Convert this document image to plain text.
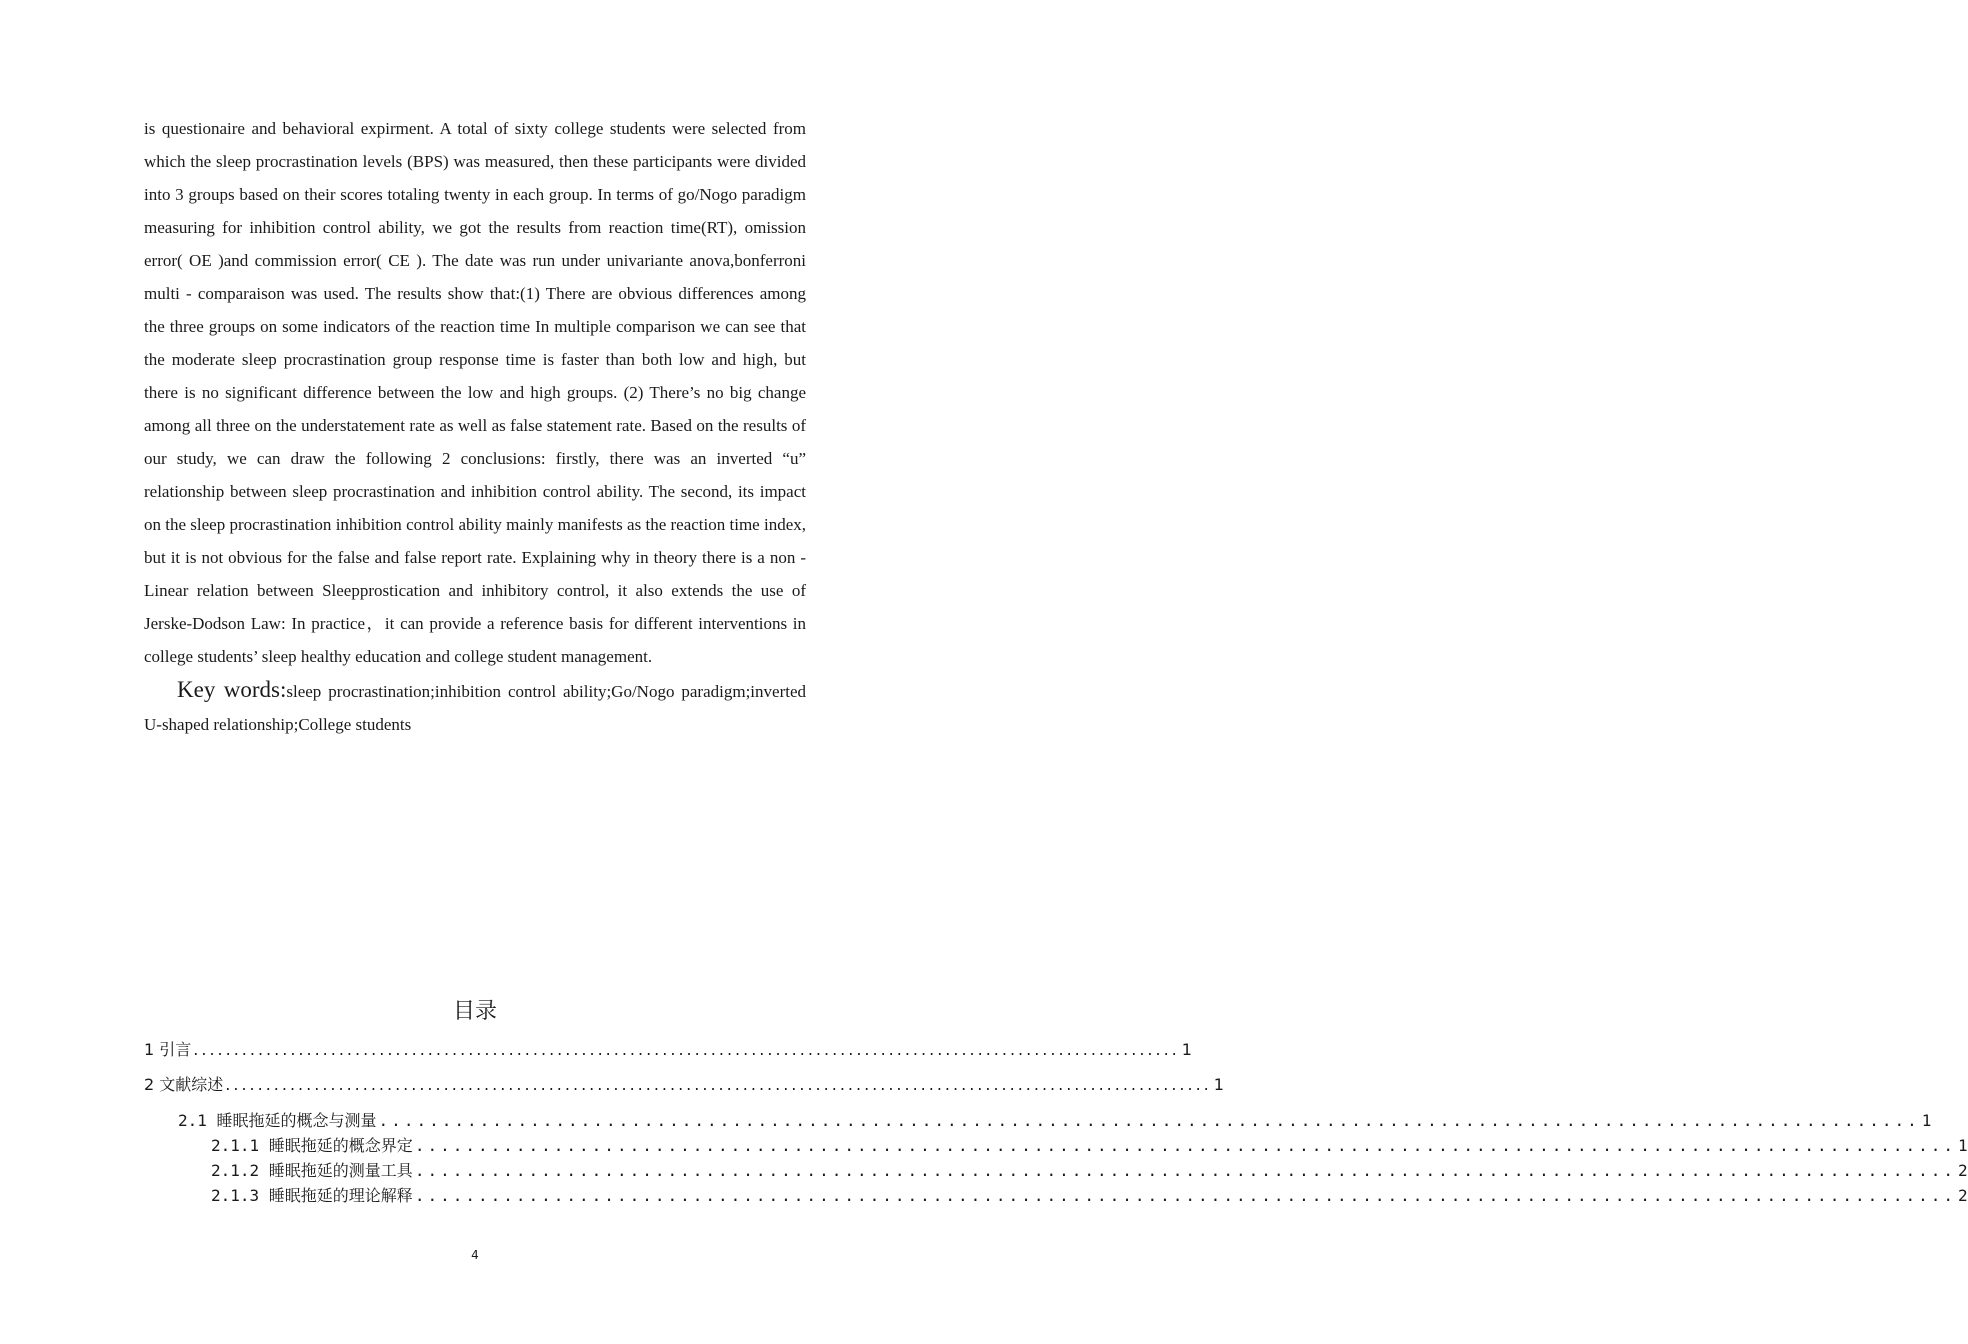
is questionaire and behavioral expirment. A total of sixty college students were selected from which the sleep procrastination levels (BPS) was measured, then these participants were divided into 3 groups based on their scores totaling twenty in each group. In terms of go/Nogo paradigm measuring for inhibition control ability, we got the results from reaction time(RT), omission error( OE )and commission error( CE ). The date was run under univariante anova,bonferroni multi - comparaison was used. The results show that:(1) There are obvious differences among the three groups on some indicators of the reaction time In multiple comparison we can see that the moderate sleep procrastination group response time is faster than both low and high, but there is no significant difference between the low and high groups. (2) There’s no big change among all three on the understatement rate as well as false statement rate. Based on the results of our study, we can draw the following 2 conclusions: firstly, there was an inverted “u” relationship between sleep procrastination and inhibition control ability. The second, its impact on the sleep procrastination inhibition control ability mainly manifests as the reaction time index, but it is not obvious for the false and false report rate. Explaining why in theory there is a non - Linear relation between Sleepprostication and inhibitory control, it also extends the use of Jerske-Dodson Law: In practice，it can provide a reference basis for different interventions in college students’ sleep healthy education and college student management.

Key words:sleep procrastination;inhibition control ability;Go/Nogo paradigm;inverted U-shaped relationship;College students

目录
1 引言 .......................................................................................................................... 1
2 文献综述 .......................................................................................................................... 1
2.1 睡眠拖延的概念与测量 .......................................................................................................................... 1
2.1.1 睡眠拖延的概念界定 .......................................................................................................................... 1
2.1.2 睡眠拖延的测量工具 .......................................................................................................................... 2
2.1.3 睡眠拖延的理论解释 .......................................................................................................................... 2
4
